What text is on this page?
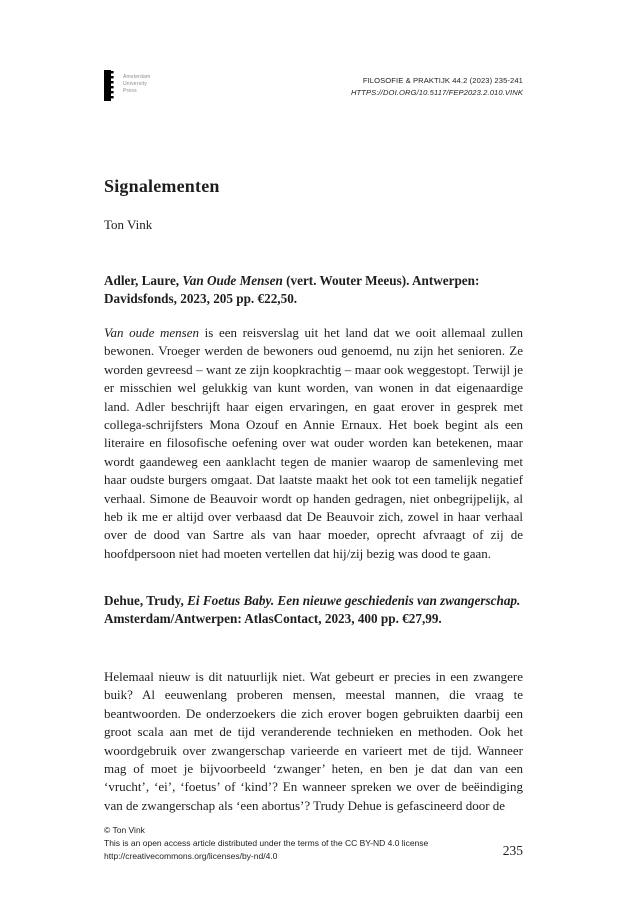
Amsterdam
University
Press
FILOSOFIE & PRAKTIJK 44.2 (2023) 235-241
HTTPS://DOI.ORG/10.5117/FEP2023.2.010.VINK
Signalementen
Ton Vink
Adler, Laure, Van Oude Mensen (vert. Wouter Meeus). Antwerpen: Davidsfonds, 2023, 205 pp. €22,50.

Van oude mensen is een reisverslag uit het land dat we ooit allemaal zullen bewonen. Vroeger werden de bewoners oud genoemd, nu zijn het senioren. Ze worden gevreesd – want ze zijn koopkrachtig – maar ook weggestopt. Terwijl je er misschien wel gelukkig van kunt worden, van wonen in dat eigenaardige land. Adler beschrijft haar eigen ervaringen, en gaat erover in gesprek met collega-schrijfsters Mona Ozouf en Annie Ernaux. Het boek begint als een literaire en filosofische oefening over wat ouder worden kan betekenen, maar wordt gaandeweg een aanklacht tegen de manier waarop de samenleving met haar oudste burgers omgaat. Dat laatste maakt het ook tot een tamelijk negatief verhaal. Simone de Beauvoir wordt op handen gedragen, niet onbegrijpelijk, al heb ik me er altijd over verbaasd dat De Beauvoir zich, zowel in haar verhaal over de dood van Sartre als van haar moeder, oprecht afvraagt of zij de hoofdpersoon niet had moeten vertellen dat hij/zij bezig was dood te gaan.

Dehue, Trudy, Ei Foetus Baby. Een nieuwe geschiedenis van zwangerschap. Amsterdam/Antwerpen: AtlasContact, 2023, 400 pp. €27,99.

Helemaal nieuw is dit natuurlijk niet. Wat gebeurt er precies in een zwangere buik? Al eeuwenlang proberen mensen, meestal mannen, die vraag te beantwoorden. De onderzoekers die zich erover bogen gebruikten daarbij een groot scala aan met de tijd veranderende technieken en methoden. Ook het woordgebruik over zwangerschap varieerde en varieert met de tijd. Wanneer mag of moet je bijvoorbeeld ‘zwanger’ heten, en ben je dat dan van een ‘vrucht’, ‘ei’, ‘foetus’ of ‘kind’? En wanneer spreken we over de beëindiging van de zwangerschap als ‘een abortus’? Trudy Dehue is gefascineerd door de

© Ton Vink
This is an open access article distributed under the terms of the CC BY-ND 4.0 license
http://creativecommons.org/licenses/by-nd/4.0	235
